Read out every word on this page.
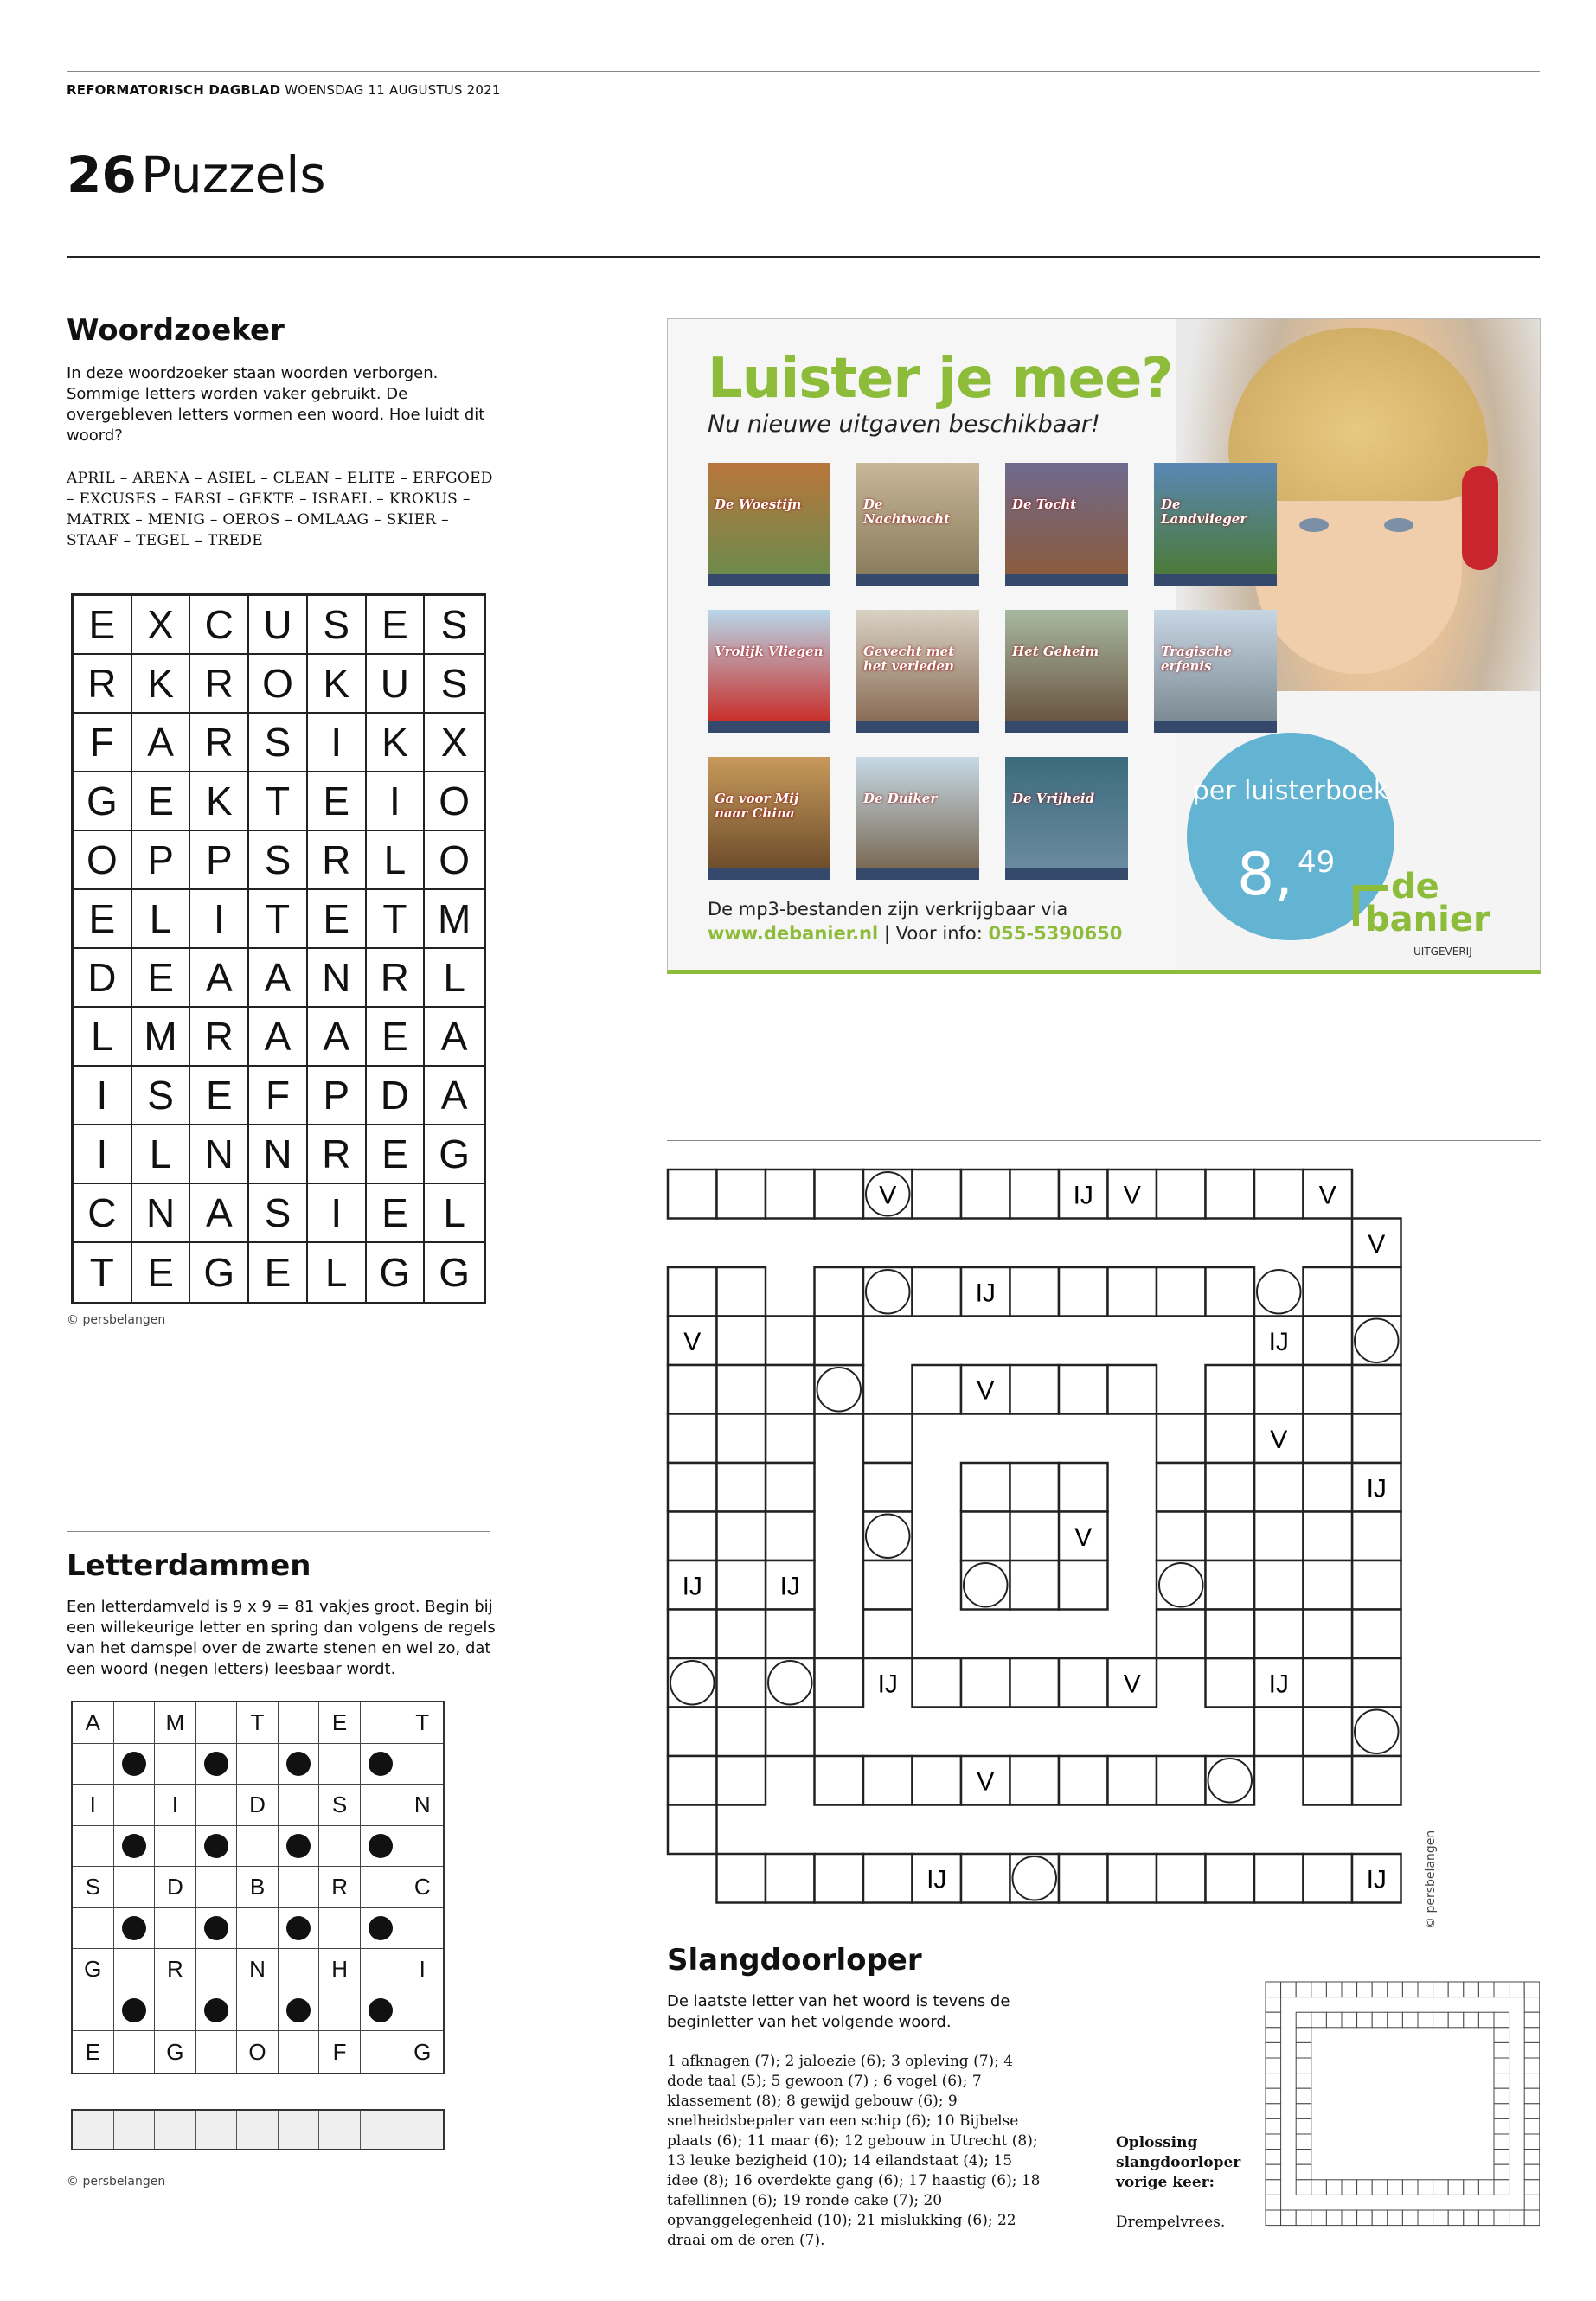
REFORMATORISCH DAGBLAD WOENSDAG 11 AUGUSTUS 2021
26 Puzzels
Woordzoeker
In deze woordzoeker staan woorden verborgen. Sommige letters worden vaker gebruikt. De overgebleven letters vormen een woord. Hoe luidt dit woord?
APRIL – ARENA – ASIEL – CLEAN – ELITE – ERFGOED – EXCUSES – FARSI – GEKTE – ISRAEL – KROKUS – MATRIX – MENIG – OEROS – OMLAAG – SKIER – STAAF – TEGEL – TREDE
E X C U S E S
R K R O K U S
F A R S I K X
G E K T E I O
O P P S R L O
E L	I	T E T M
D E A A N R L
L M R A A E A
I S E F P D A
I	L N N R E G
C N A S I E L
T E G E L G G
© persbelangen
Letterdammen
Een letterdamveld is 9 x 9 = 81 vakjes groot. Begin bij een willekeurige letter en spring dan volgens de regels van het damspel over de zwarte stenen en wel zo, dat een woord (negen letters) leesbaar wordt.
A	M	T	E	T
I	I	D	S	N
S	D	B	R	C
G	R	N	H	I
E	G	O	F	G
© persbelangen
Luister je mee?
Nu nieuwe uitgaven beschikbaar!
De Woestijn	De Nachtwacht
De Tocht	De Landvlieger
Vrolijk Vliegen	Gevecht met het verleden
Het Geheim	Tragische erfenis
Ga voor Mij naar China
De Duiker	De Vrijheid	per luisterboek
8, 49
De mp3-bestanden zijn verkrijgbaar via
www.debanier.nl | Voor info: 055-5390650
de
banier
UITGEVERIJ
V	IJ V	V
V
IJ
V	IJ
V
V
IJ
V
IJ	IJ
IJ	V	IJ
V
IJ	IJ	© persbelangen
Slangdoorloper
De laatste letter van het woord is tevens de beginletter van het volgende woord.
1 afknagen (7); 2 jaloezie (6); 3 opleving (7); 4 dode taal (5); 5 gewoon (7) ; 6 vogel (6); 7 klassement (8); 8 gewijd gebouw (6); 9 snelheidsbepaler van een schip (6); 10 Bijbelse plaats (6); 11 maar (6); 12 gebouw in Utrecht (8); 13 leuke bezigheid (10); 14 eilandstaat (4); 15 idee (8); 16 overdekte gang (6); 17 haastig (6); 18 tafellinnen (6); 19 ronde cake (7); 20 opvanggelegenheid (10); 21 mislukking (6); 22 draai om de oren (7).
Oplossing slangdoorloper vorige keer:
Drempelvrees.
